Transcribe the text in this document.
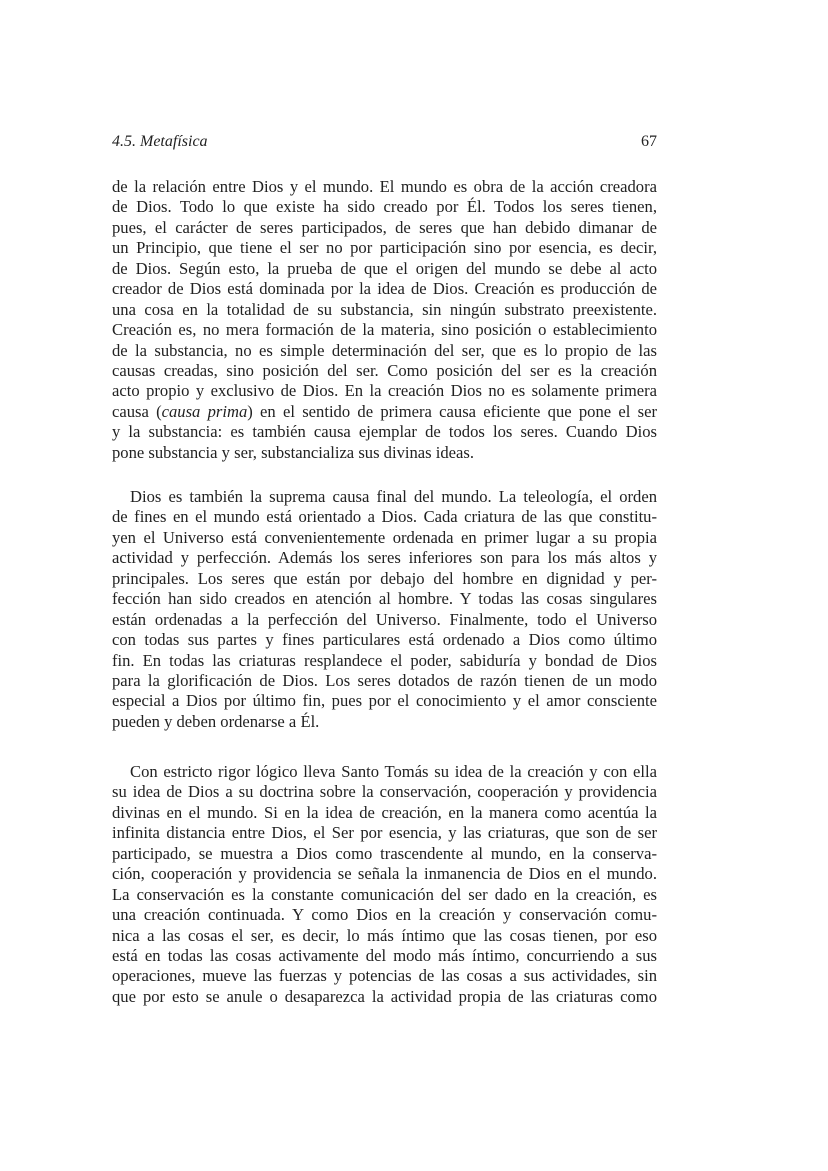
4.5. Metafísica	67
de la relación entre Dios y el mundo. El mundo es obra de la acción creadora
de Dios. Todo lo que existe ha sido creado por Él. Todos los seres tienen,
pues, el carácter de seres participados, de seres que han debido dimanar de
un Principio, que tiene el ser no por participación sino por esencia, es decir,
de Dios. Según esto, la prueba de que el origen del mundo se debe al acto
creador de Dios está dominada por la idea de Dios. Creación es producción de
una cosa en la totalidad de su substancia, sin ningún substrato preexistente.
Creación es, no mera formación de la materia, sino posición o establecimiento
de la substancia, no es simple determinación del ser, que es lo propio de las
causas creadas, sino posición del ser. Como posición del ser es la creación
acto propio y exclusivo de Dios. En la creación Dios no es solamente primera
causa (causa prima) en el sentido de primera causa eficiente que pone el ser
y la substancia: es también causa ejemplar de todos los seres. Cuando Dios
pone substancia y ser, substancializa sus divinas ideas.
Dios es también la suprema causa final del mundo. La teleología, el orden
de fines en el mundo está orientado a Dios. Cada criatura de las que constitu-
yen el Universo está convenientemente ordenada en primer lugar a su propia
actividad y perfección. Además los seres inferiores son para los más altos y
principales. Los seres que están por debajo del hombre en dignidad y per-
fección han sido creados en atención al hombre. Y todas las cosas singulares
están ordenadas a la perfección del Universo. Finalmente, todo el Universo
con todas sus partes y fines particulares está ordenado a Dios como último
fin. En todas las criaturas resplandece el poder, sabiduría y bondad de Dios
para la glorificación de Dios. Los seres dotados de razón tienen de un modo
especial a Dios por último fin, pues por el conocimiento y el amor consciente
pueden y deben ordenarse a Él.
Con estricto rigor lógico lleva Santo Tomás su idea de la creación y con ella
su idea de Dios a su doctrina sobre la conservación, cooperación y providencia
divinas en el mundo. Si en la idea de creación, en la manera como acentúa la
infinita distancia entre Dios, el Ser por esencia, y las criaturas, que son de ser
participado, se muestra a Dios como trascendente al mundo, en la conserva-
ción, cooperación y providencia se señala la inmanencia de Dios en el mundo.
La conservación es la constante comunicación del ser dado en la creación, es
una creación continuada. Y como Dios en la creación y conservación comu-
nica a las cosas el ser, es decir, lo más íntimo que las cosas tienen, por eso
está en todas las cosas activamente del modo más íntimo, concurriendo a sus
operaciones, mueve las fuerzas y potencias de las cosas a sus actividades, sin
que por esto se anule o desaparezca la actividad propia de las criaturas como
